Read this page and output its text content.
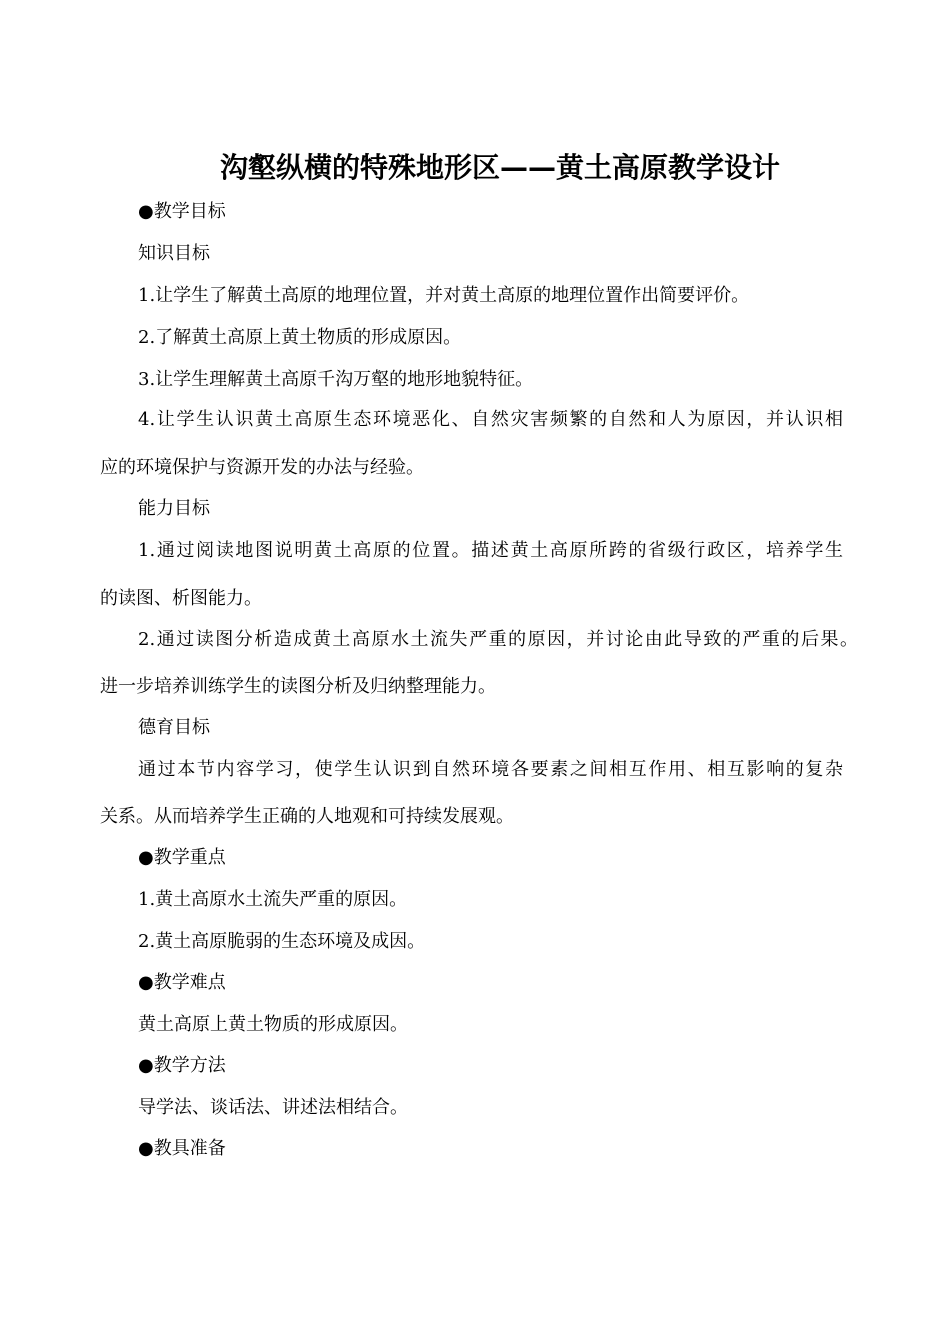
沟壑纵横的特殊地形区——黄土高原教学设计
●教学目标
知识目标
1.让学生了解黄土高原的地理位置，并对黄土高原的地理位置作出简要评价。
2.了解黄土高原上黄土物质的形成原因。
3.让学生理解黄土高原千沟万壑的地形地貌特征。
4.让学生认识黄土高原生态环境恶化、自然灾害频繁的自然和人为原因，并认识相
应的环境保护与资源开发的办法与经验。
能力目标
1.通过阅读地图说明黄土高原的位置。描述黄土高原所跨的省级行政区，培养学生
的读图、析图能力。
2.通过读图分析造成黄土高原水土流失严重的原因，并讨论由此导致的严重的后果。
进一步培养训练学生的读图分析及归纳整理能力。
德育目标
通过本节内容学习，使学生认识到自然环境各要素之间相互作用、相互影响的复杂
关系。从而培养学生正确的人地观和可持续发展观。
●教学重点
1.黄土高原水土流失严重的原因。
2.黄土高原脆弱的生态环境及成因。
●教学难点
黄土高原上黄土物质的形成原因。
●教学方法
导学法、谈话法、讲述法相结合。
●教具准备
